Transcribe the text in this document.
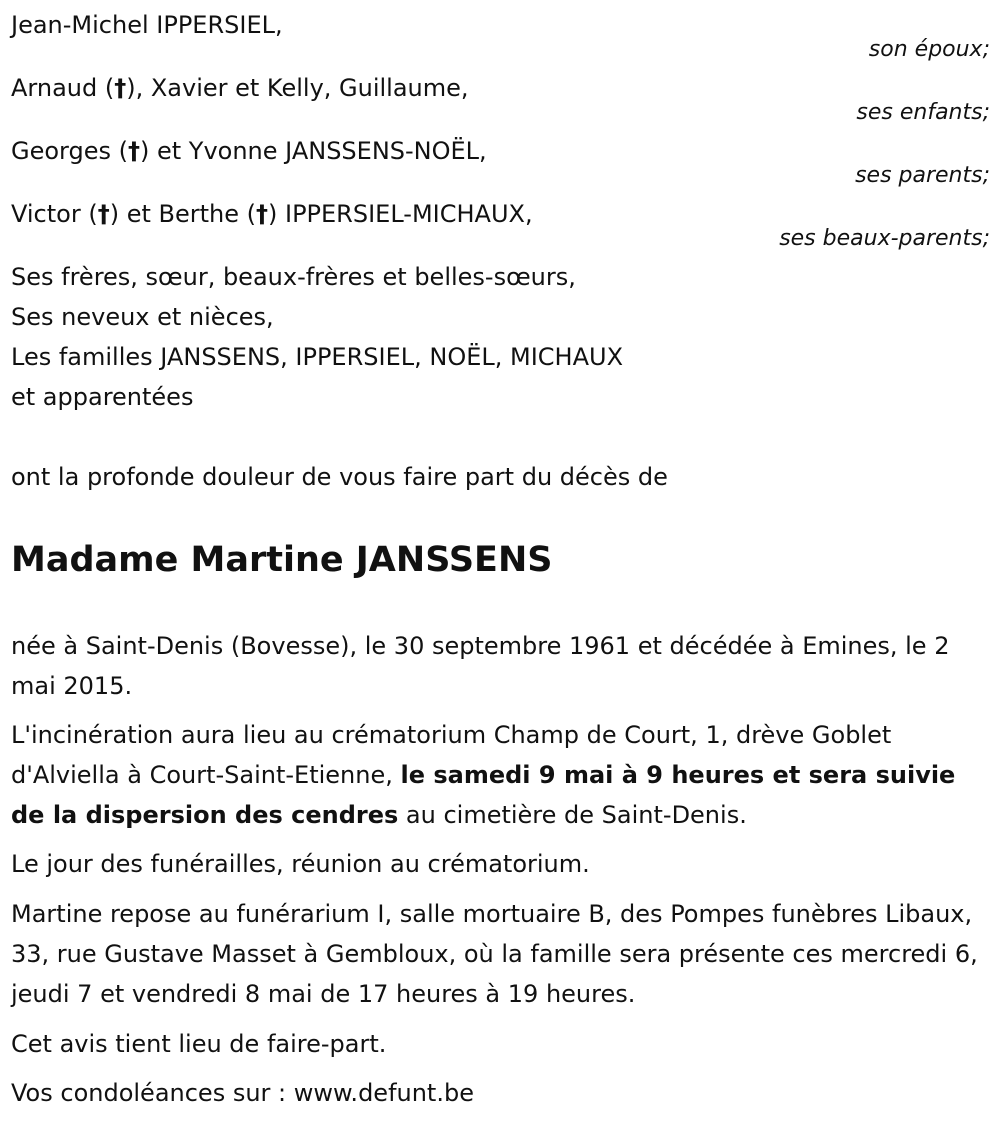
Jean-Michel IPPERSIEL,
son époux;
Arnaud (†), Xavier et Kelly, Guillaume,
ses enfants;
Georges (†) et Yvonne JANSSENS-NOËL,
ses parents;
Victor (†) et Berthe (†) IPPERSIEL-MICHAUX,
ses beaux-parents;
Ses frères, sœur, beaux-frères et belles-sœurs,
Ses neveux et nièces,
Les familles JANSSENS, IPPERSIEL, NOËL, MICHAUX
et apparentées
ont la profonde douleur de vous faire part du décès de
Madame Martine JANSSENS

née à Saint-Denis (Bovesse), le 30 septembre 1961 et décédée à Emines, le 2 mai 2015.

L'incinération aura lieu au crématorium Champ de Court, 1, drève Goblet d'Alviella à Court-Saint-Etienne, le samedi 9 mai à 9 heures et sera suivie de la dispersion des cendres au cimetière de Saint-Denis.

Le jour des funérailles, réunion au crématorium.

Martine repose au funérarium I, salle mortuaire B, des Pompes funèbres Libaux, 33, rue Gustave Masset à Gembloux, où la famille sera présente ces mercredi 6, jeudi 7 et vendredi 8 mai de 17 heures à 19 heures.

Cet avis tient lieu de faire-part.

Vos condoléances sur : www.defunt.be
